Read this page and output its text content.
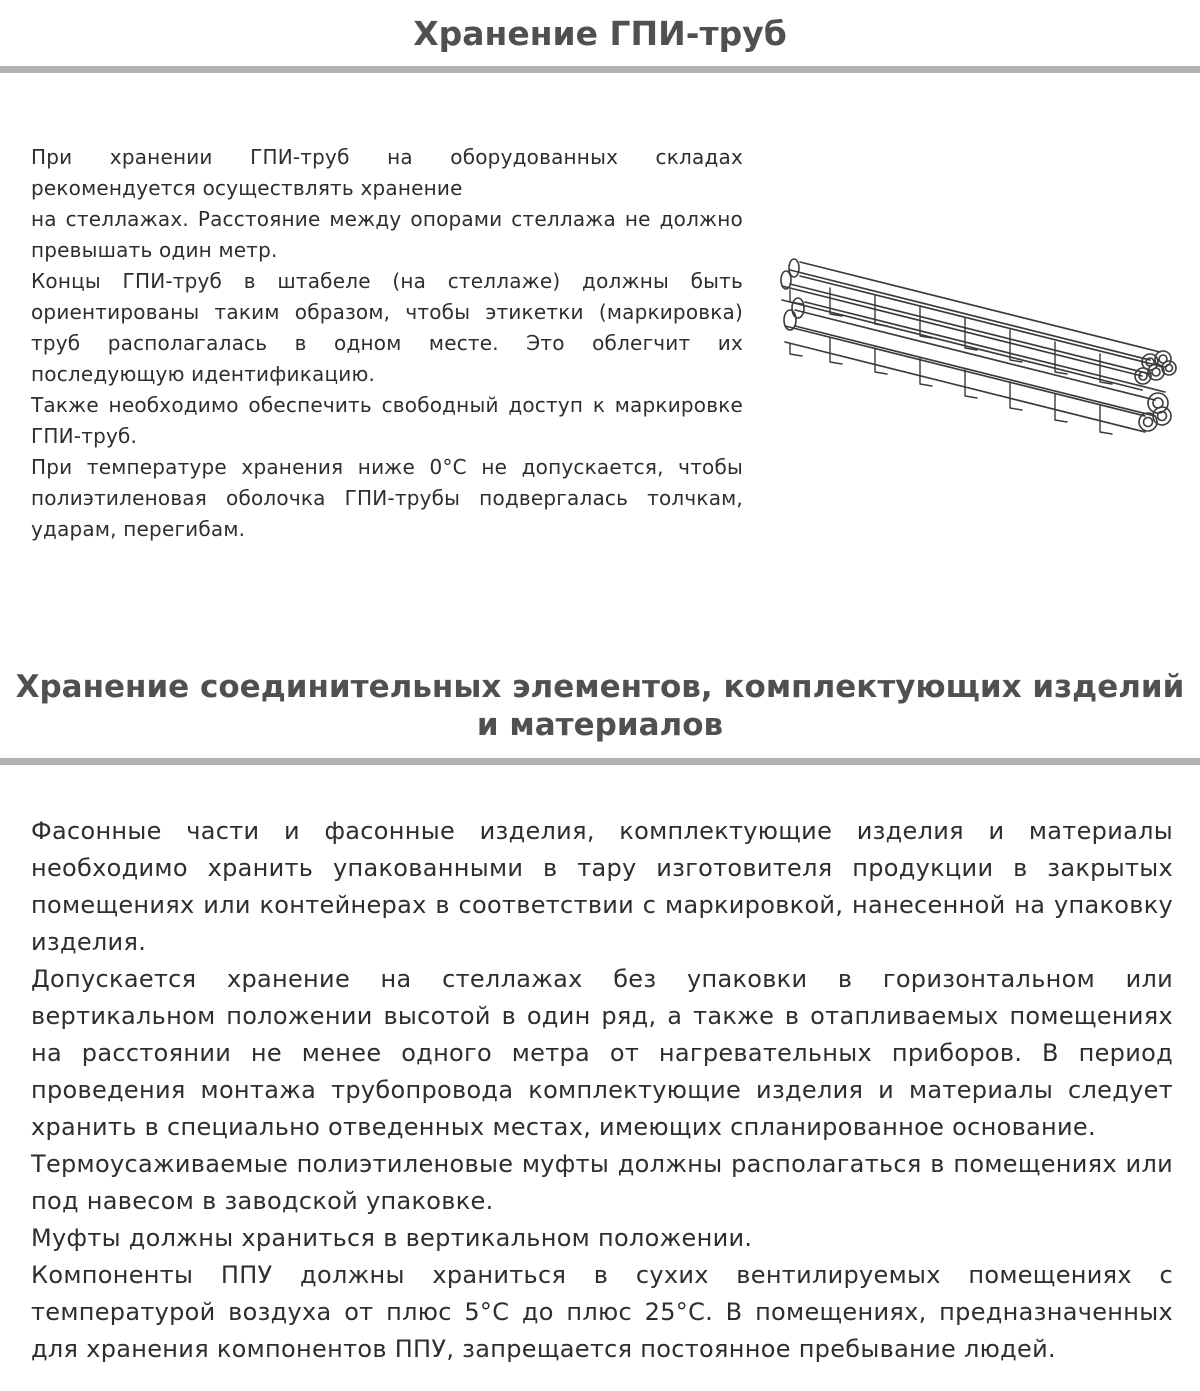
Хранение ГПИ-труб

При хранении ГПИ-труб на оборудованных складах рекомендуется осуществлять хранение

на стеллажах. Расстояние между опорами стеллажа не должно превышать один метр.

Концы ГПИ-труб в штабеле (на стеллаже) должны быть ориентированы таким образом, чтобы этикетки (маркировка) труб располагалась в одном месте. Это облегчит их последующую идентификацию.

Также необходимо обеспечить свободный доступ к маркировке ГПИ-труб.

При температуре хранения ниже 0°С не допускается, чтобы полиэтиленовая оболочка ГПИ-трубы подвергалась толчкам, ударам, перегибам.

Хранение соединительных элементов, комплектующих изделий и материалов

Фасонные части и фасонные изделия, комплектующие изделия и материалы необходимо хранить упакованными в тару изготовителя продукции в закрытых помещениях или контейнерах в соответствии с маркировкой, нанесенной на упаковку изделия.

Допускается хранение на стеллажах без упаковки в горизонтальном или вертикальном положении высотой в один ряд, а также в отапливаемых помещениях на расстоянии не менее одного метра от нагревательных приборов. В период проведения монтажа трубопровода комплектующие изделия и материалы следует хранить в специально отведенных местах, имеющих спланированное основание.

Термоусаживаемые полиэтиленовые муфты должны располагаться в помещениях или под навесом в заводской упаковке.

Муфты должны храниться в вертикальном положении.

Компоненты ППУ должны храниться в сухих вентилируемых помещениях с температурой воздуха от плюс 5°С до плюс 25°С. В помещениях, предназначенных для хранения компонентов ППУ, запрещается постоянное пребывание людей.
